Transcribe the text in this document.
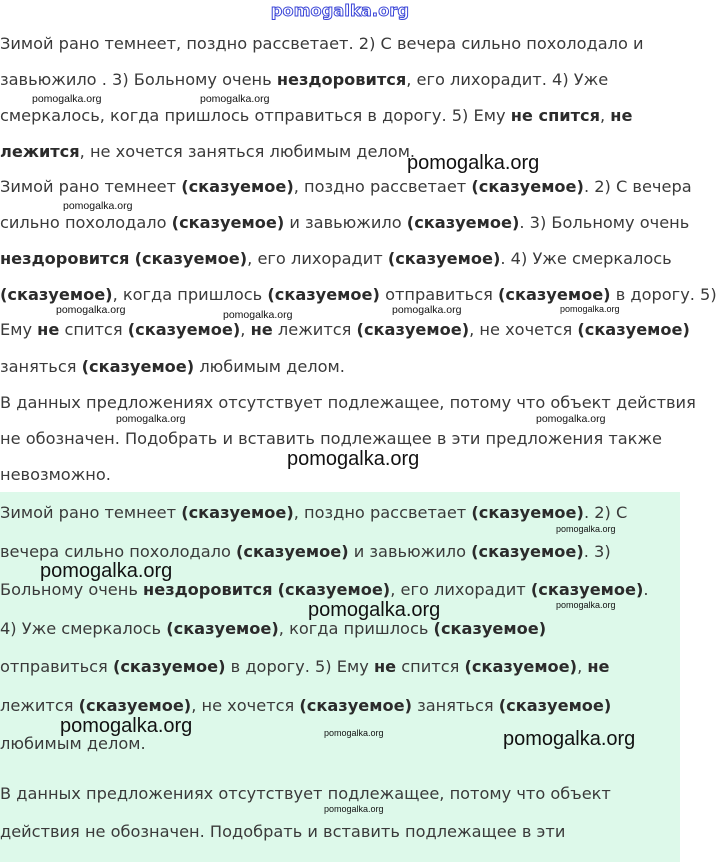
pomogalka.org
Зимой рано темнеет, поздно рассветает. 2) С вечера сильно похолодало и
завьюжило . 3) Больному очень нездоровится, его лихорадит. 4) Уже
смеркалось, когда пришлось отправиться в дорогу. 5) Ему не спится, не
лежится, не хочется заняться любимым делом.
Зимой рано темнеет (сказуемое), поздно рассветает (сказуемое). 2) С вечера
сильно похолодало (сказуемое) и завьюжило (сказуемое). 3) Больному очень
нездоровится (сказуемое), его лихорадит (сказуемое). 4) Уже смеркалось
(сказуемое), когда пришлось (сказуемое) отправиться (сказуемое) в дорогу. 5)
Ему не спится (сказуемое), не лежится (сказуемое), не хочется (сказуемое)
заняться (сказуемое) любимым делом.
В данных предложениях отсутствует подлежащее, потому что объект действия
не обозначен. Подобрать и вставить подлежащее в эти предложения также
невозможно.
Зимой рано темнеет (сказуемое), поздно рассветает (сказуемое). 2) С
вечера сильно похолодало (сказуемое) и завьюжило (сказуемое). 3)
Больному очень нездоровится (сказуемое), его лихорадит (сказуемое).
4) Уже смеркалось (сказуемое), когда пришлось (сказуемое)
отправиться (сказуемое) в дорогу. 5) Ему не спится (сказуемое), не
лежится (сказуемое), не хочется (сказуемое) заняться (сказуемое)
любимым делом.
В данных предложениях отсутствует подлежащее, потому что объект
действия не обозначен. Подобрать и вставить подлежащее в эти
pomogalka.org	pomogalka.org
pomogalka.org
pomogalka.org
pomogalka.org	pomogalka.org	pomogalka.org	pomogalka.org
pomogalka.org	pomogalka.org
pomogalka.org
pomogalka.org
pomogalka.org
pomogalka.org
pomogalka.org
pomogalka.org	pomogalka.org	pomogalka.org
pomogalka.org
